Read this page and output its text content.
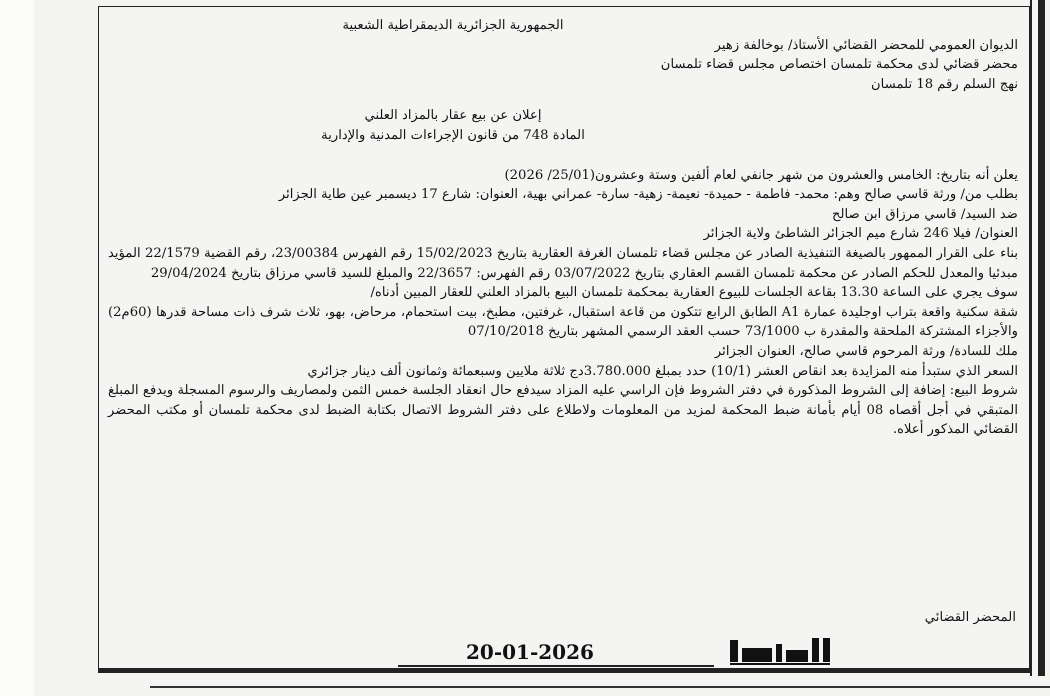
الجمهورية الجزائرية الديمقراطية الشعبية
الديوان العمومي للمحضر القضائي الأستاذ/ بوخالفة زهير
محضر قضائي لدى محكمة تلمسان اختصاص مجلس قضاء تلمسان
نهج السلم رقم 18 تلمسان
إعلان عن بيع عقار بالمزاد العلني
المادة 748 من قانون الإجراءات المدنية والإدارية
يعلن أنه بتاريخ: الخامس والعشرون من شهر جانفي لعام ألفين وستة وعشرون(25/01/ 2026)
بطلب من/ ورثة قاسي صالح وهم: محمد- فاطمة - حميدة- نعيمة- زهية- سارة- عمراني بهية، العنوان: شارع 17 ديسمبر عين طاية الجزائر
ضد السيد/ قاسي مرزاق ابن صالح
العنوان/ فيلا 246 شارع ميم الجزائر الشاطئ ولاية الجزائر
بناء على القرار الممهور بالصيغة التنفيذية الصادر عن مجلس قضاء تلمسان الغرفة العقارية بتاريخ 15/02/2023 رقم الفهرس 23/00384، رقم القضية 22/1579 المؤيد مبدئيا والمعدل للحكم الصادر عن محكمة تلمسان القسم العقاري بتاريخ 03/07/2022 رقم الفهرس: 22/3657 والمبلغ للسيد قاسي مرزاق بتاريخ 29/04/2024
سوف يجري على الساعة 13.30 بقاعة الجلسات للبيوع العقارية بمحكمة تلمسان البيع بالمزاد العلني للعقار المبين أدناه/
شقة سكنية واقعة بتراب اوجليدة عمارة A1 الطابق الرابع تتكون من قاعة استقبال، غرفتين، مطبخ، بيت استحمام، مرحاض، بهو، ثلاث شرف ذات مساحة قدرها (60م2) والأجزاء المشتركة الملحقة والمقدرة ب 73/1000 حسب العقد الرسمي المشهر بتاريخ 07/10/2018
ملك للسادة/ ورثة المرحوم قاسي صالح، العنوان الجزائر
السعر الذي ستبدأ منه المزايدة بعد انقاص العشر (10/1) حدد بمبلغ 3.780.000دج ثلاثة ملايين وسبعمائة وثمانون ألف دينار جزائري
شروط البيع: إضافة إلى الشروط المذكورة في دفتر الشروط فإن الراسي عليه المزاد سيدفع حال انعقاد الجلسة خمس الثمن ولمصاريف والرسوم المسجلة ويدفع المبلغ المتبقي في أجل أقصاه 08 أيام بأمانة ضبط المحكمة لمزيد من المعلومات ولاطلاع على دفتر الشروط الاتصال بكتابة الضبط لدى محكمة تلمسان أو مكتب المحضر القضائي المذكور أعلاه.
المحضر القضائي
الأمة
20-01-2026
